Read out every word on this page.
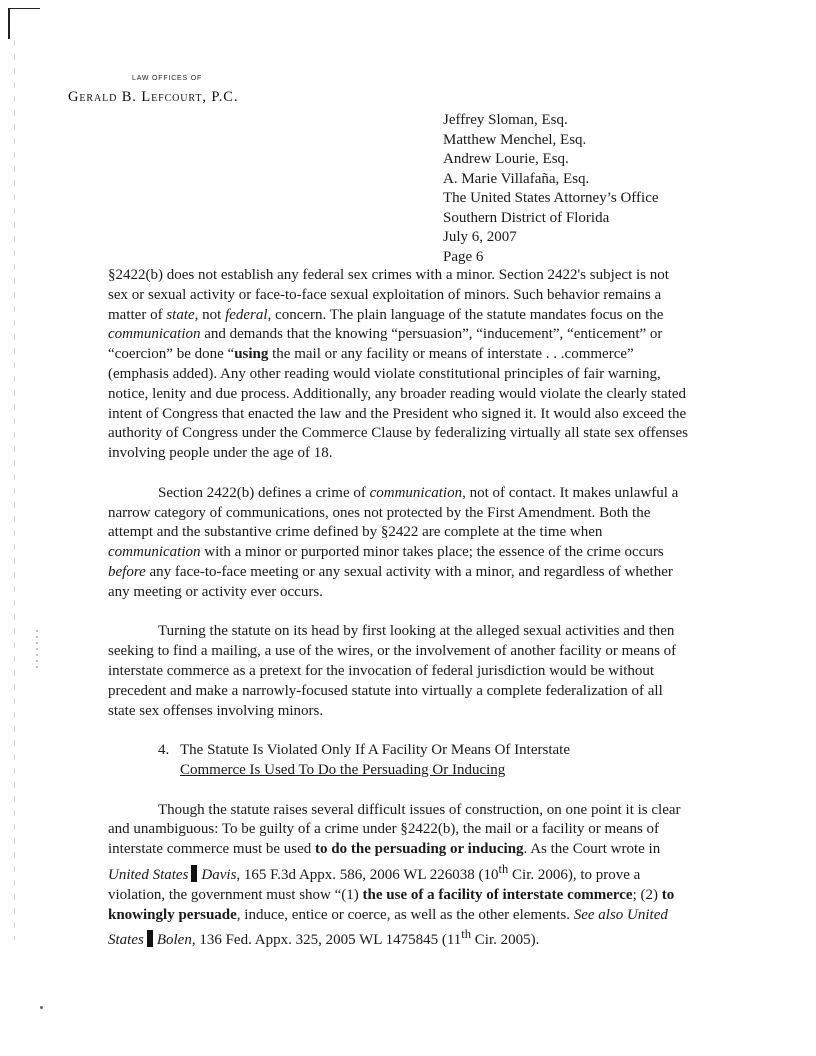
LAW OFFICES OF
Gerald B. Lefcourt, P.C.
Jeffrey Sloman, Esq.
Matthew Menchel, Esq.
Andrew Lourie, Esq.
A. Marie Villafaña, Esq.
The United States Attorney’s Office
Southern District of Florida
July 6, 2007
Page 6

§2422(b) does not establish any federal sex crimes with a minor. Section 2422's subject is not sex or sexual activity or face-to-face sexual exploitation of minors. Such behavior remains a matter of state, not federal, concern. The plain language of the statute mandates focus on the communication and demands that the knowing “persuasion”, “inducement”, “enticement” or “coercion” be done “using the mail or any facility or means of interstate . . .commerce” (emphasis added). Any other reading would violate constitutional principles of fair warning, notice, lenity and due process. Additionally, any broader reading would violate the clearly stated intent of Congress that enacted the law and the President who signed it. It would also exceed the authority of Congress under the Commerce Clause by federalizing virtually all state sex offenses involving people under the age of 18.

Section 2422(b) defines a crime of communication, not of contact. It makes unlawful a narrow category of communications, ones not protected by the First Amendment. Both the attempt and the substantive crime defined by §2422 are complete at the time when communication with a minor or purported minor takes place; the essence of the crime occurs before any face-to-face meeting or any sexual activity with a minor, and regardless of whether any meeting or activity ever occurs.

Turning the statute on its head by first looking at the alleged sexual activities and then seeking to find a mailing, a use of the wires, or the involvement of another facility or means of interstate commerce as a pretext for the invocation of federal jurisdiction would be without precedent and make a narrowly-focused statute into virtually a complete federalization of all state sex offenses involving minors.

4. The Statute Is Violated Only If A Facility Or Means Of Interstate
Commerce Is Used To Do the Persuading Or Inducing

Though the statute raises several difficult issues of construction, on one point it is clear and unambiguous: To be guilty of a crime under §2422(b), the mail or a facility or means of interstate commerce must be used to do the persuading or inducing. As the Court wrote in United States Davis, 165 F.3d Appx. 586, 2006 WL 226038 (10th Cir. 2006), to prove a violation, the government must show “(1) the use of a facility of interstate commerce; (2) to knowingly persuade, induce, entice or coerce, as well as the other elements. See also United States Bolen, 136 Fed. Appx. 325, 2005 WL 1475845 (11th Cir. 2005).
